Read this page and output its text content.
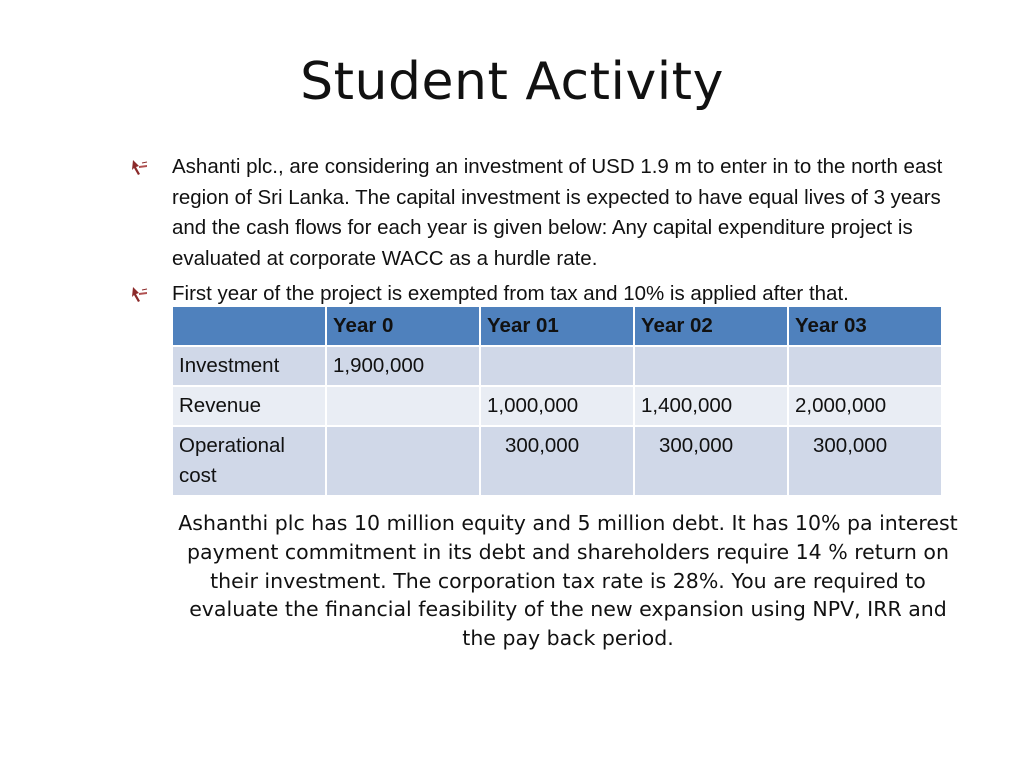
Student Activity
Ashanti plc., are considering an investment of USD 1.9 m to enter in to the north east region of Sri Lanka. The capital investment is expected to have equal lives of 3 years and the cash flows for each year is given below: Any capital expenditure project is evaluated at corporate WACC as a hurdle rate.
First year of the project is exempted from tax and 10% is applied after that.
	Year 0	Year 01	Year 02	Year 03
Investment	1,900,000			
Revenue		1,000,000	1,400,000	2,000,000
Operational cost		300,000	300,000	300,000
Ashanthi plc has 10 million equity and 5 million debt. It has 10% pa interest payment commitment in its debt and shareholders require 14 % return on their investment. The corporation tax rate is 28%. You are required to evaluate the financial feasibility of the new expansion using NPV, IRR and the pay back period.
